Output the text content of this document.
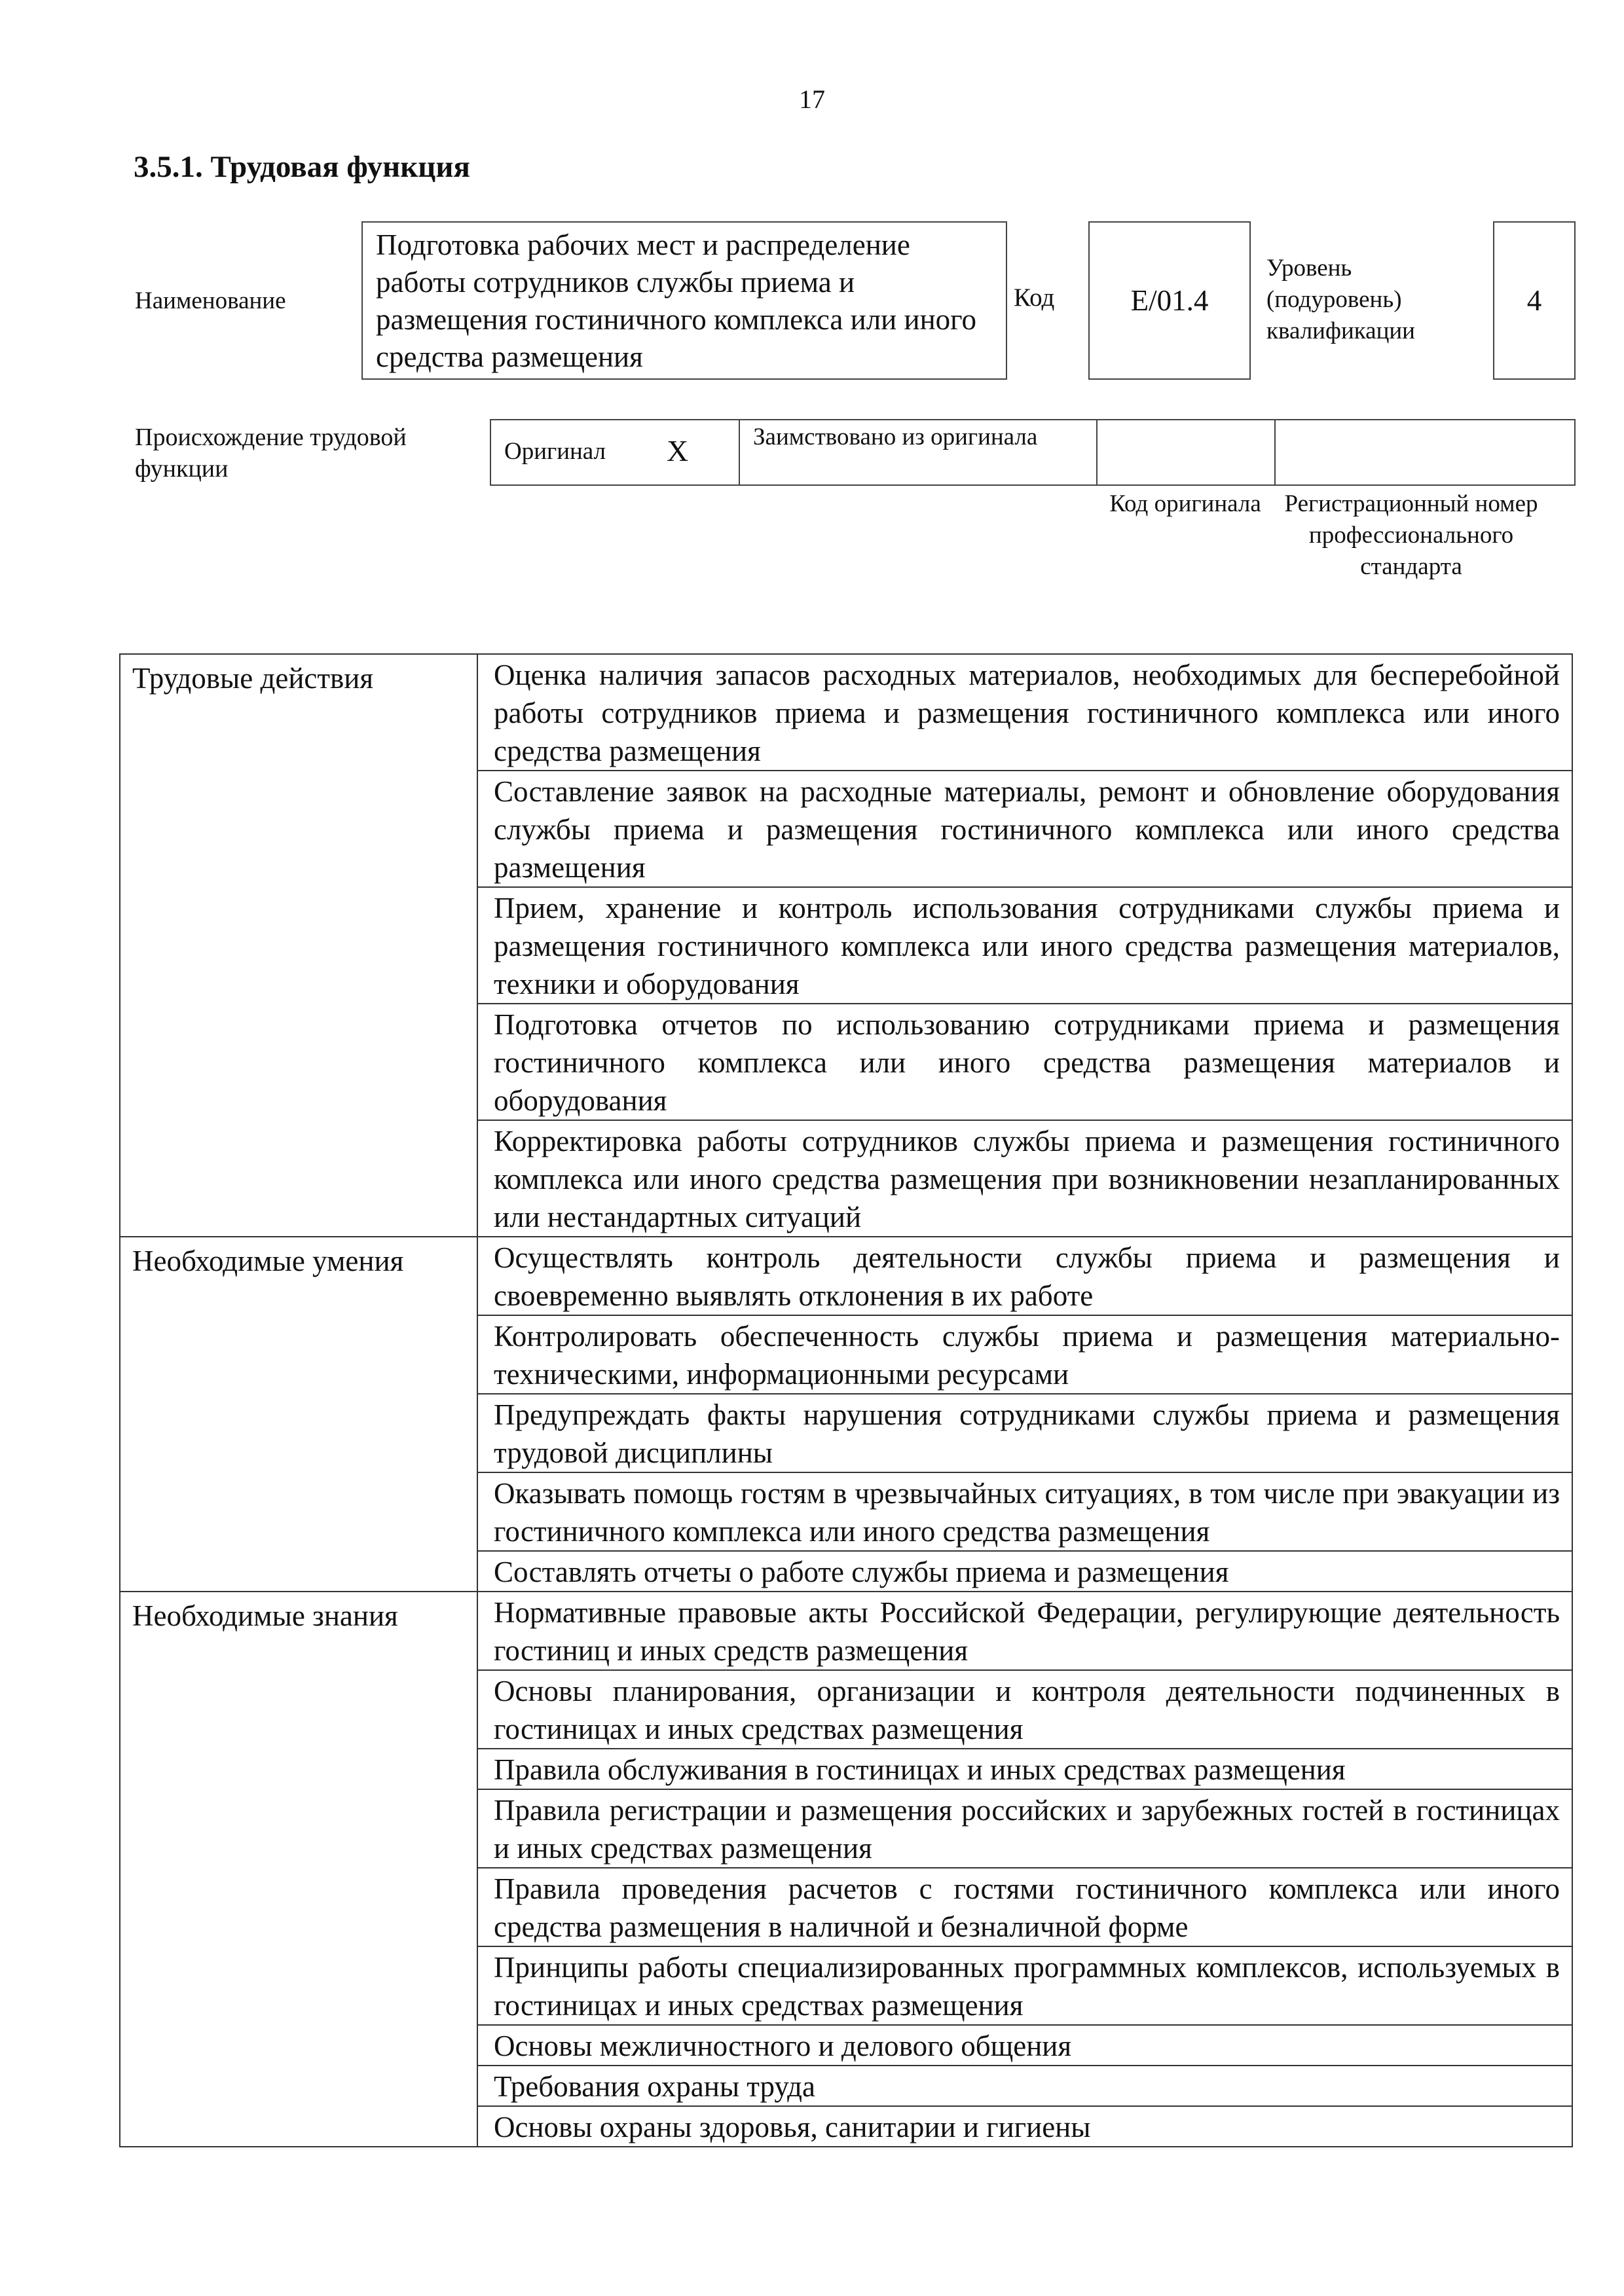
17
3.5.1. Трудовая функция
Наименование
Подготовка рабочих мест и распределение работы сотрудников службы приема и размещения гостиничного комплекса или иного средства размещения
Код	E/01.4
Уровень (подуровень) квалификации
4
Происхождение трудовой функции
Оригинал X	Заимствовано из оригинала
Код оригинала Регистрационный номер профессионального стандарта
Трудовые действия	Оценка наличия запасов расходных материалов, необходимых для бесперебойной работы сотрудников приема и размещения гостиничного комплекса или иного средства размещения
	Составление заявок на расходные материалы, ремонт и обновление оборудования службы приема и размещения гостиничного комплекса или иного средства размещения
	Прием, хранение и контроль использования сотрудниками службы приема и размещения гостиничного комплекса или иного средства размещения материалов, техники и оборудования
	Подготовка отчетов по использованию сотрудниками приема и размещения гостиничного комплекса или иного средства размещения материалов и оборудования
	Корректировка работы сотрудников службы приема и размещения гостиничного комплекса или иного средства размещения при возникновении незапланированных или нестандартных ситуаций
Необходимые умения	Осуществлять контроль деятельности службы приема и размещения и своевременно выявлять отклонения в их работе
	Контролировать обеспеченность службы приема и размещения материально-техническими, информационными ресурсами
	Предупреждать факты нарушения сотрудниками службы приема и размещения трудовой дисциплины
	Оказывать помощь гостям в чрезвычайных ситуациях, в том числе при эвакуации из гостиничного комплекса или иного средства размещения
	Составлять отчеты о работе службы приема и размещения
Необходимые знания	Нормативные правовые акты Российской Федерации, регулирующие деятельность гостиниц и иных средств размещения
	Основы планирования, организации и контроля деятельности подчиненных в гостиницах и иных средствах размещения
	Правила обслуживания в гостиницах и иных средствах размещения
	Правила регистрации и размещения российских и зарубежных гостей в гостиницах и иных средствах размещения
	Правила проведения расчетов с гостями гостиничного комплекса или иного средства размещения в наличной и безналичной форме
	Принципы работы специализированных программных комплексов, используемых в гостиницах и иных средствах размещения
	Основы межличностного и делового общения
	Требования охраны труда
	Основы охраны здоровья, санитарии и гигиены
